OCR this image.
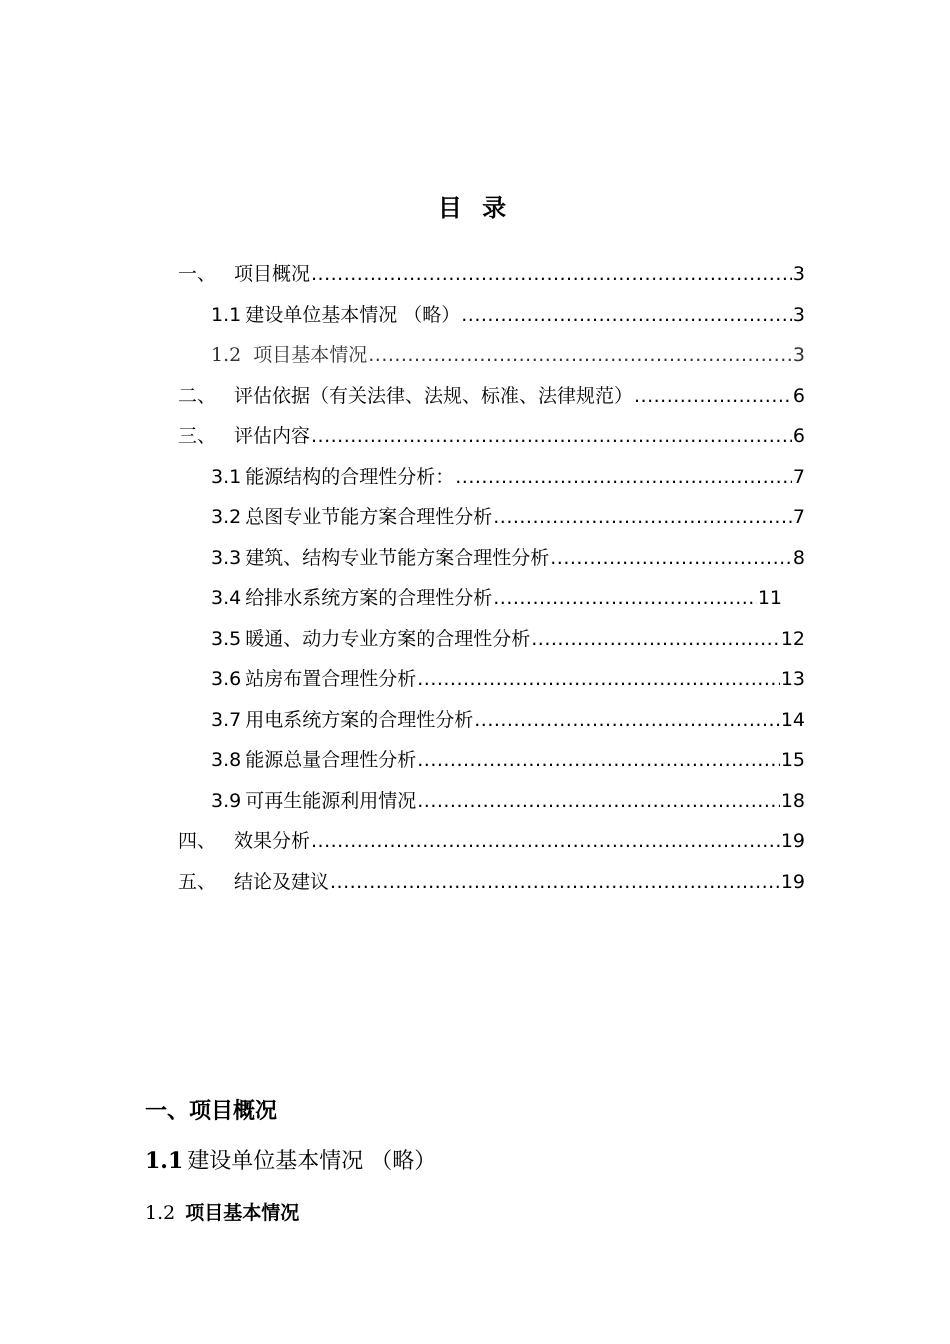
目 录
一、 项目概况 .....	3
1.1 建设单位基本情况 （略） .....	3
1.2 项目基本情况 .....	3
二、 评估依据（有关法律、法规、标准、法律规范） .....	6
三、 评估内容 .....	6
3.1 能源结构的合理性分析： .....	7
3.2 总图专业节能方案合理性分析 .....	7
3.3 建筑、结构专业节能方案合理性分析 .....	8
3.4 给排水系统方案的合理性分析 .....	11
3.5 暖通、动力专业方案的合理性分析 .....	12
3.6 站房布置合理性分析 .....	13
3.7 用电系统方案的合理性分析 .....	14
3.8 能源总量合理性分析 .....	15
3.9 可再生能源利用情况 .....	18
四、 效果分析 .....	19
五、 结论及建议 .....	19
一、项目概况
1.1 建设单位基本情况 （略）
1.2 项目基本情况
